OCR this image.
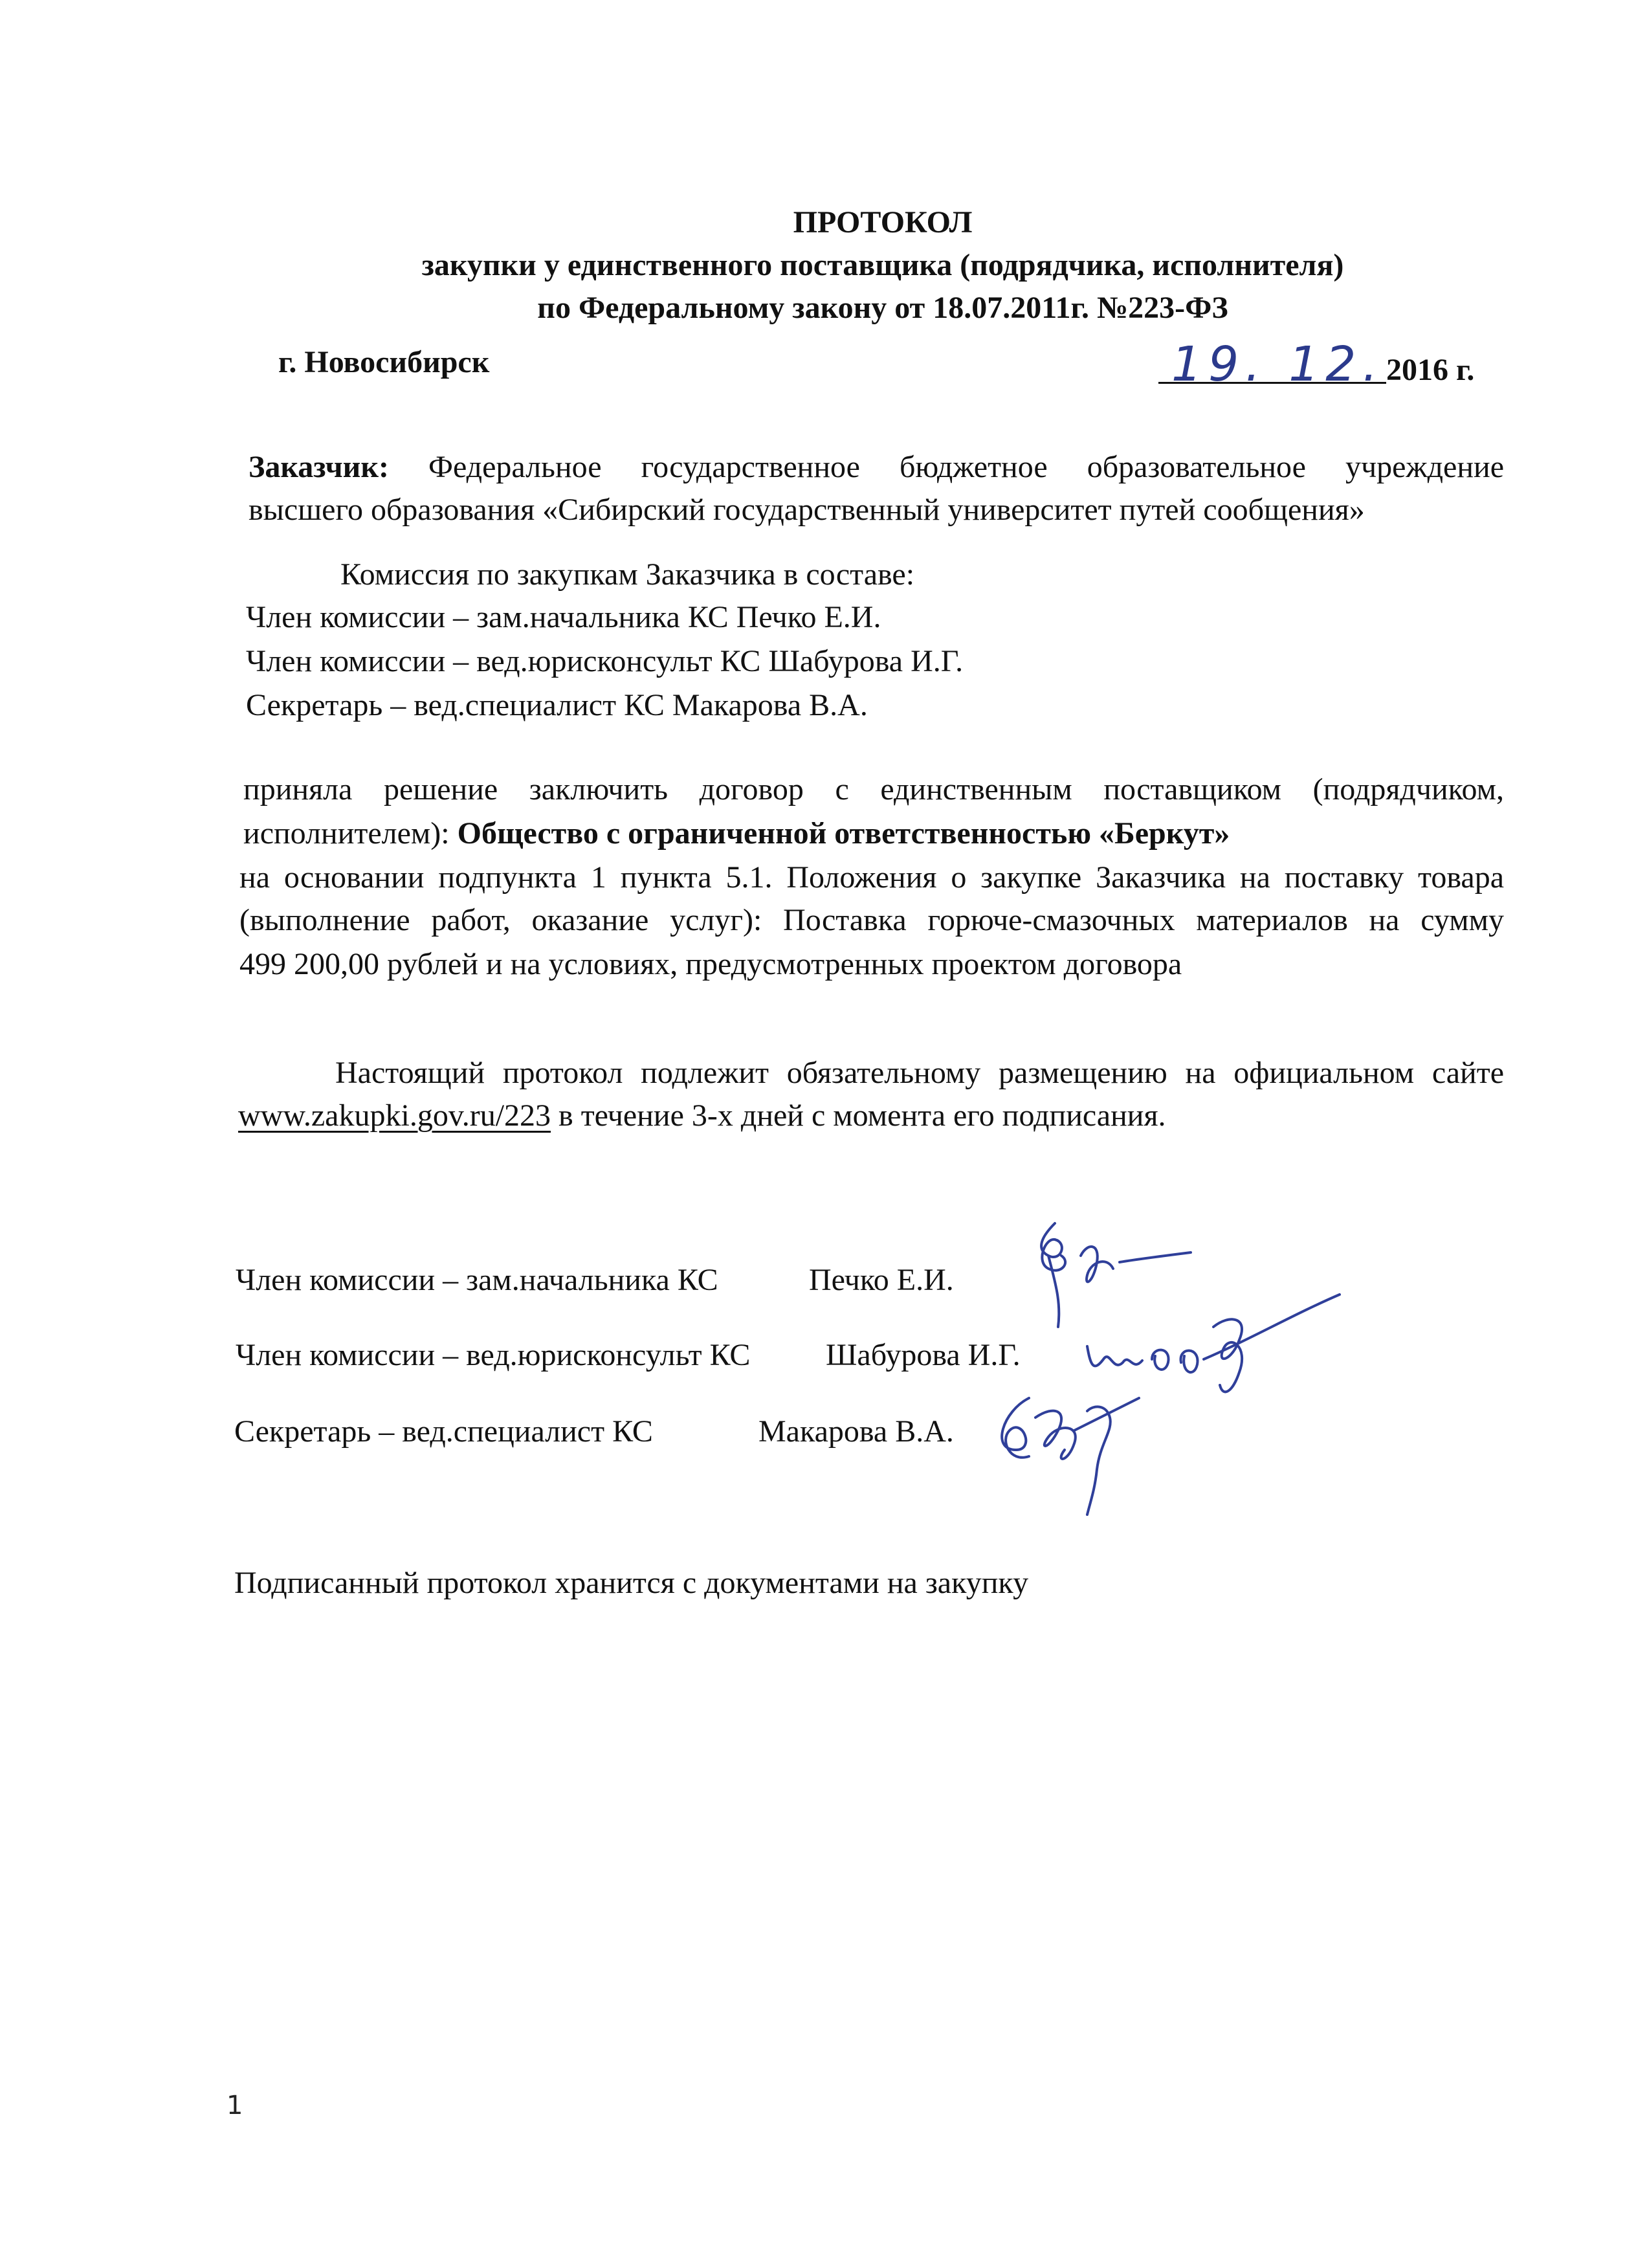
ПРОТОКОЛ
закупки у единственного поставщика (подрядчика, исполнителя)
по Федеральному закону от 18.07.2011г. №223-ФЗ
г. Новосибирск	19. 12. 2016 г.
Заказчик: Федеральное государственное бюджетное образовательное учреждение
высшего образования «Сибирский государственный университет путей сообщения»
Комиссия по закупкам Заказчика в составе:
Член комиссии – зам.начальника КС Печко Е.И.
Член комиссии – вед.юрисконсульт КС Шабурова И.Г.
Секретарь – вед.специалист КС Макарова В.А.
приняла решение заключить договор с единственным поставщиком (подрядчиком,
исполнителем): Общество с ограниченной ответственностью «Беркут»
на основании подпункта 1 пункта 5.1. Положения о закупке Заказчика на поставку товара
(выполнение работ, оказание услуг): Поставка горюче-смазочных материалов на сумму
499 200,00 рублей и на условиях, предусмотренных проектом договора
Настоящий протокол подлежит обязательному размещению на официальном сайте
www.zakupki.gov.ru/223 в течение 3-х дней с момента его подписания.
Член комиссии – зам.начальника КС	Печко Е.И.
Член комиссии – вед.юрисконсульт КС Шабурова И.Г.
Секретарь – вед.специалист КС	Макарова В.А.
Подписанный протокол хранится с документами на закупку
1
